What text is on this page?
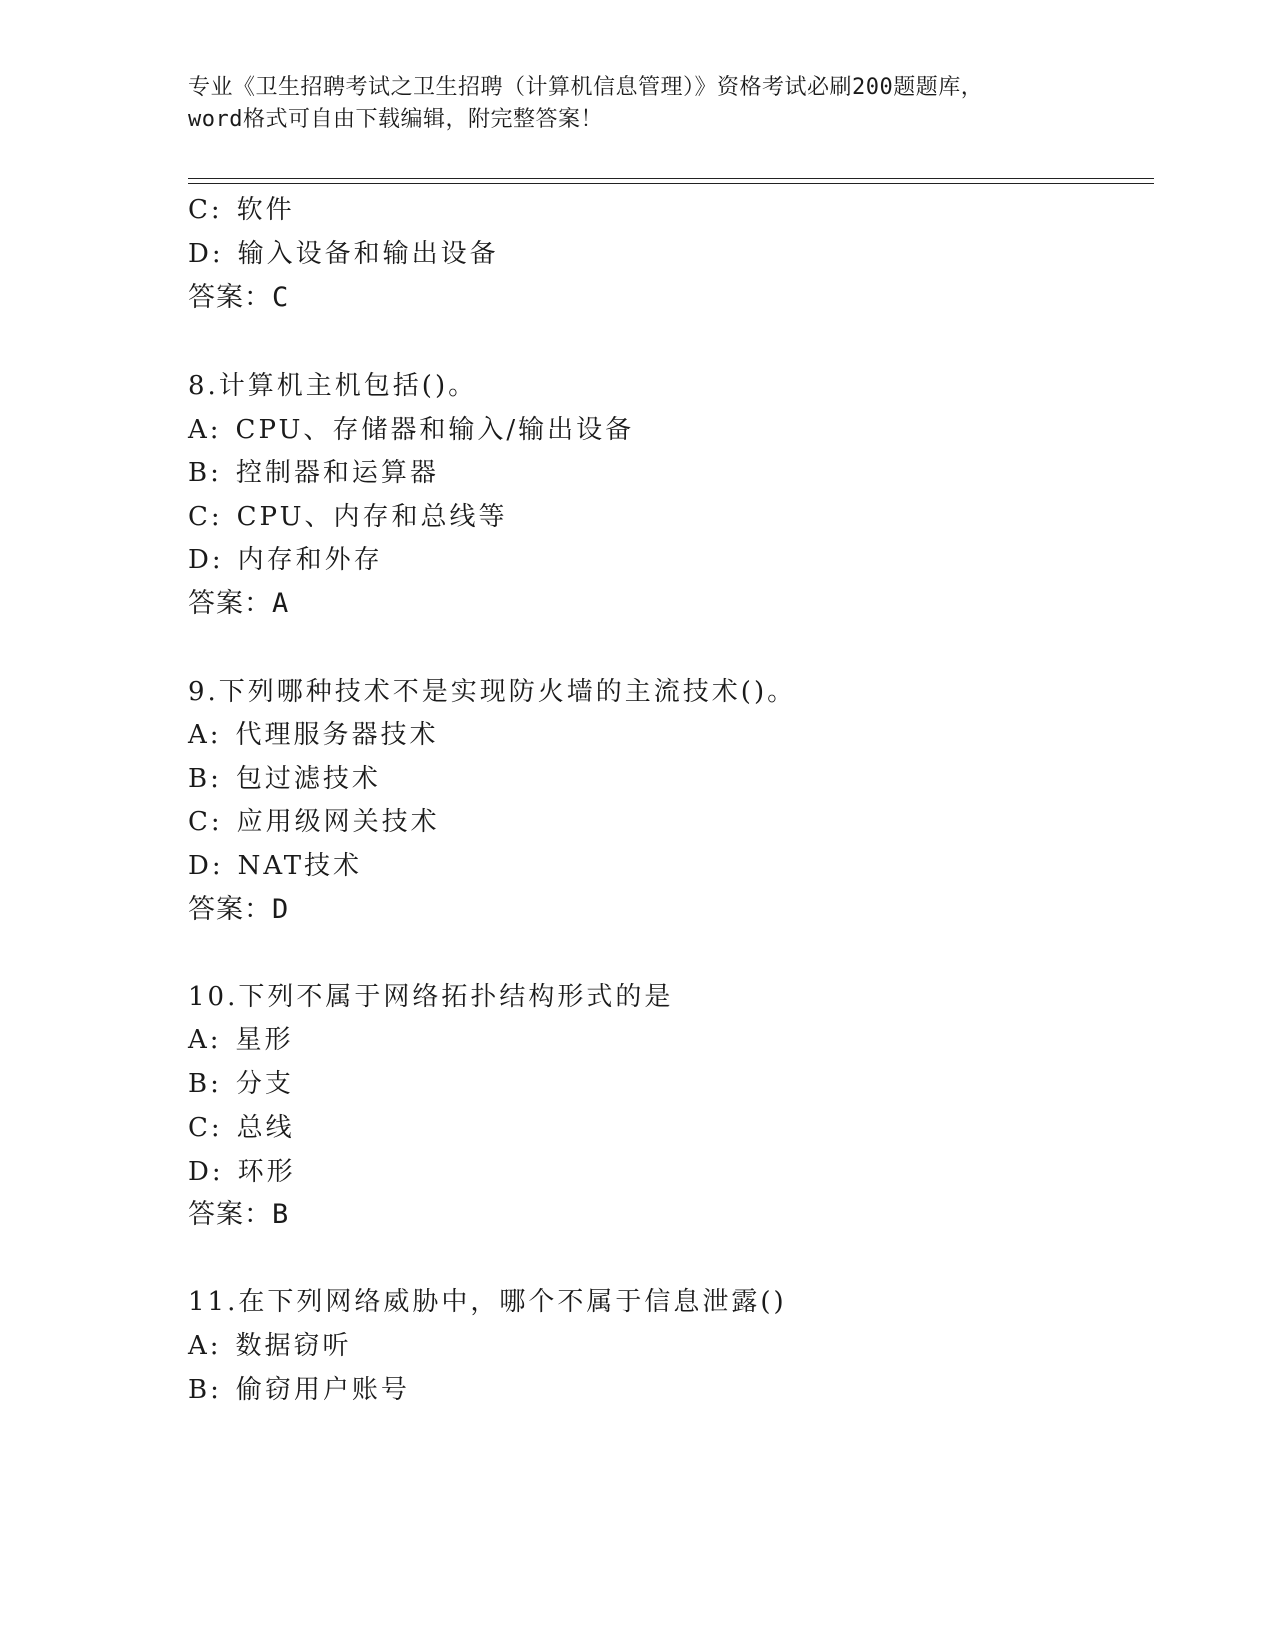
专业《卫生招聘考试之卫生招聘（计算机信息管理）》资格考试必刷200题题库，
word格式可自由下载编辑，附完整答案！
C: 软件
D: 输入设备和输出设备
答案：C
8.计算机主机包括()。
A: CPU、存储器和输入/输出设备
B: 控制器和运算器
C: CPU、内存和总线等
D: 内存和外存
答案：A
9.下列哪种技术不是实现防火墙的主流技术()。
A: 代理服务器技术
B: 包过滤技术
C: 应用级网关技术
D: NAT技术
答案：D
10.下列不属于网络拓扑结构形式的是
A: 星形
B: 分支
C: 总线
D: 环形
答案：B
11.在下列网络威胁中，哪个不属于信息泄露()
A: 数据窃听
B: 偷窃用户账号
